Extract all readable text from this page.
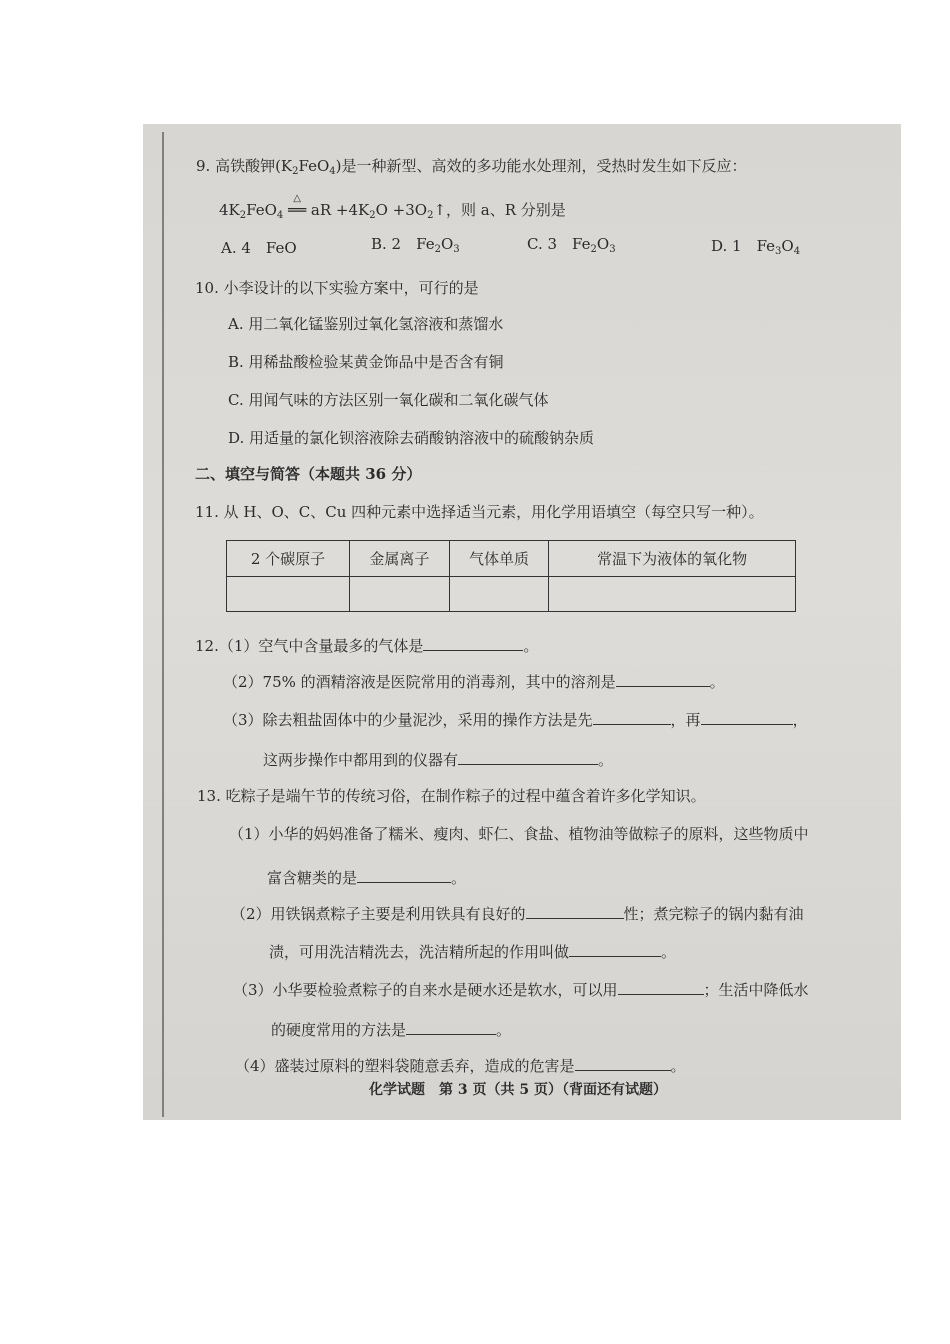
9. 高铁酸钾$(K_2FeO_4)$是一种新型、高效的多功能水处理剂，受热时发生如下反应：
$4K_2FeO_4$
△
══ aR $+4K_2O$ $+3O_2↑$，则 a、R 分别是
A. 4　FeO	B. 2　$Fe_2O_3$	C. 3　$Fe_2O_3$	D. 1　$Fe_3O_4$
10. 小李设计的以下实验方案中，可行的是
A. 用二氧化锰鉴别过氧化氢溶液和蒸馏水
B. 用稀盐酸检验某黄金饰品中是否含有铜
C. 用闻气味的方法区别一氧化碳和二氧化碳气体
D. 用适量的氯化钡溶液除去硝酸钠溶液中的硫酸钠杂质
二、填空与简答（本题共 36 分）
11. 从 H、O、C、Cu 四种元素中选择适当元素，用化学用语填空（每空只写一种）。
2 个碳原子	金属离子	气体单质	常温下为液体的氧化物

12.（1）空气中含量最多的气体是	。
（2）75% 的酒精溶液是医院常用的消毒剂，其中的溶剂是	。
（3）除去粗盐固体中的少量泥沙，采用的操作方法是先	，再	，
这两步操作中都用到的仪器有	。
13. 吃粽子是端午节的传统习俗，在制作粽子的过程中蕴含着许多化学知识。
（1）小华的妈妈准备了糯米、瘦肉、虾仁、食盐、植物油等做粽子的原料，这些物质中
富含糖类的是	。
（2）用铁锅煮粽子主要是利用铁具有良好的	性；煮完粽子的锅内黏有油
渍，可用洗洁精洗去，洗洁精所起的作用叫做	。
（3）小华要检验煮粽子的自来水是硬水还是软水，可以用	；生活中降低水
的硬度常用的方法是	。
（4）盛装过原料的塑料袋随意丢弃，造成的危害是	。
化学试题　第 3 页（共 5 页）（背面还有试题）
